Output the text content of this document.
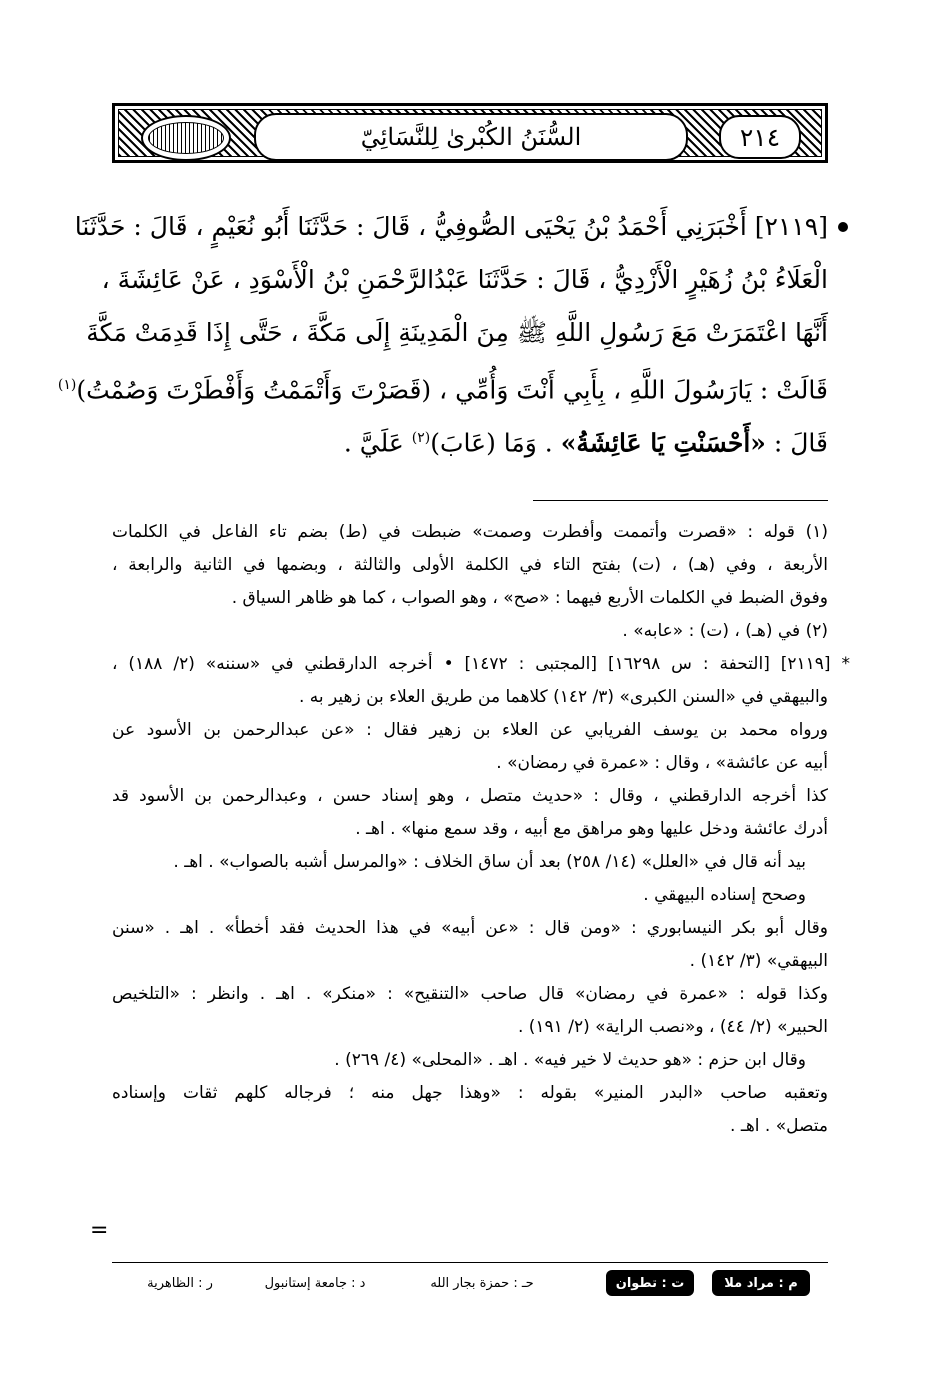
السُّنَنُ الكُبْرىٰ لِلنَّسَائِيّ	٢١٤
[٢١١٩] أَخْبَرَنِي أَحْمَدُ بْنُ يَحْيَى الصُّوفِيُّ ، قَالَ : حَدَّثَنَا أَبُو نُعَيْمٍ ، قَالَ : حَدَّثَنَا
الْعَلَاءُ بْنُ زُهَيْرٍ الْأَزْدِيُّ ، قَالَ : حَدَّثَنَا عَبْدُالرَّحْمَنِ بْنُ الْأَسْوَدِ ، عَنْ عَائِشَةَ ،
أَنَّهَا اعْتَمَرَتْ مَعَ رَسُولِ اللَّهِ ﷺ مِنَ الْمَدِينَةِ إِلَى مَكَّةَ ، حَتَّى إِذَا قَدِمَتْ مَكَّةَ
قَالَتْ : يَارَسُولَ اللَّهِ ، بِأَبِي أَنْتَ وَأُمِّي ، (قَصَرْتَ وَأَتْمَمْتُ وَأَفْطَرْتَ وَصُمْتُ)$^{(١)}$
قَالَ : «أَحْسَنْتِ يَا عَائِشَةُ» . وَمَا (عَابَ)$^{(٢)}$ عَلَيَّ .
(١) قوله : «قصرت وأتممت وأفطرت وصمت» ضبطت في (ط) بضم تاء الفاعل في الكلمات
الأربعة ، وفي (هـ) ، (ت) بفتح التاء في الكلمة الأولى والثالثة ، وبضمها في الثانية والرابعة ،
وفوق الضبط في الكلمات الأربع فيهما : «صح» ، وهو الصواب ، كما هو ظاهر السياق .
(٢) في (هـ) ، (ت) : «عابه» .
* [٢١١٩] [التحفة : س ١٦٢٩٨] [المجتبى : ١٤٧٢] • أخرجه الدارقطني في «سننه» (٢/ ١٨٨) ،
والبيهقي في «السنن الكبرى» (٣/ ١٤٢) كلاهما من طريق العلاء بن زهير به .
ورواه محمد بن يوسف الفريابي عن العلاء بن زهير فقال : «عن عبدالرحمن بن الأسود عن
أبيه عن عائشة» ، وقال : «عمرة في رمضان» .
كذا أخرجه الدارقطني ، وقال : «حديث متصل ، وهو إسناد حسن ، وعبدالرحمن بن الأسود قد
أدرك عائشة ودخل عليها وهو مراهق مع أبيه ، وقد سمع منها» . اهـ .
بيد أنه قال في «العلل» (١٤/ ٢٥٨) بعد أن ساق الخلاف : «والمرسل أشبه بالصواب» . اهـ .
وصحح إسناده البيهقي .
وقال أبو بكر النيسابوري : «ومن قال : «عن أبيه» في هذا الحديث فقد أخطأ» . اهـ . «سنن
البيهقي» (٣/ ١٤٢) .
وكذا قوله : «عمرة في رمضان» قال صاحب «التنقيح» : «منكر» . اهـ . وانظر : «التلخيص
الحبير» (٢/ ٤٤) ، و«نصب الراية» (٢/ ١٩١) .
وقال ابن حزم : «هو حديث لا خير فيه» . اهـ . «المحلى» (٤/ ٢٦٩) .
وتعقبه صاحب «البدر المنير» بقوله : «وهذا جهل منه ؛ فرجاله كلهم ثقات وإسناده
متصل» . اهـ .
=
م : مراد ملا
ت : تطوان
حـ : حمزة بجار الله
د : جامعة إستانبول
ر : الظاهرية
